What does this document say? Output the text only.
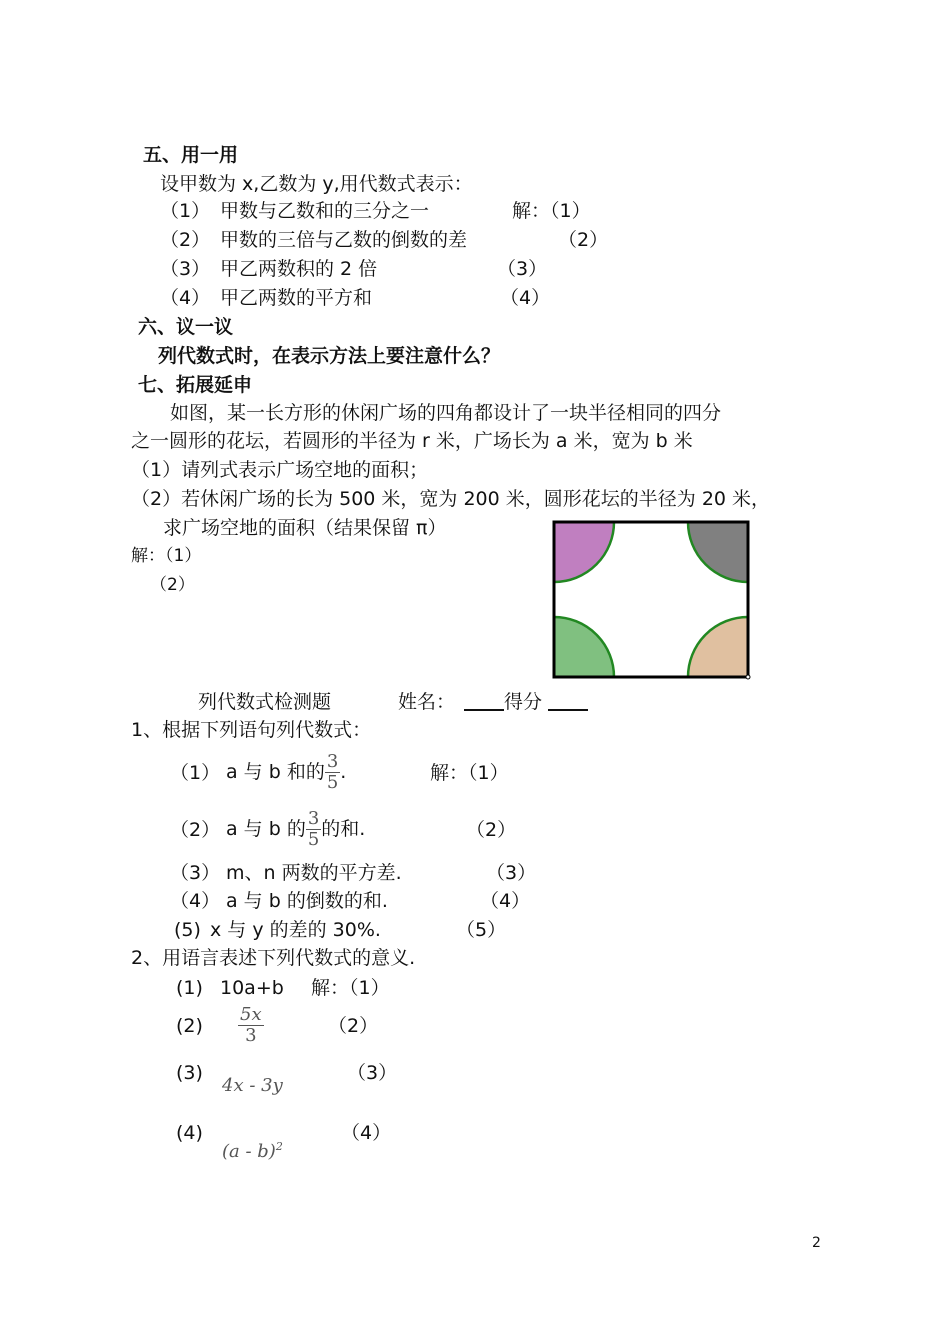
五、用一用
设甲数为 x,乙数为 y,用代数式表示：
（1） 甲数与乙数和的三分之一	解：（1）
（2） 甲数的三倍与乙数的倒数的差	（2）
（3） 甲乙两数积的 2 倍	（3）
（4） 甲乙两数的平方和	（4）
六、议一议
列代数式时，在表示方法上要注意什么？
七、拓展延申
如图，某一长方形的休闲广场的四角都设计了一块半径相同的四分
之一圆形的花坛，若圆形的半径为 r 米，广场长为 a 米，宽为 b 米
（1）请列式表示广场空地的面积；
（2）若休闲广场的长为 500 米，宽为 200 米，圆形花坛的半径为 20 米，
求广场空地的面积（结果保留 π）
解：（1）
（2）
列代数式检测题	姓名：	得分
1、根据下列语句列代数式：
（1） a 与 b 和的 $\frac{3}{5}$ .	解：（1）
（2） a 与 b 的 $\frac{3}{5}$ 的和.	（2）
（3） m、n 两数的平方差.	（3）
（4） a 与 b 的倒数的和.	（4）
(5) x 与 y 的差的 30%.	（5）
2、用语言表述下列代数式的意义.
(1) 10a+b 解：（1）
$(2) \frac{5x}{3}$	（2）
(3)
4x - 3y
（3）
(4)
(a - b)$^2$
（4）
2
